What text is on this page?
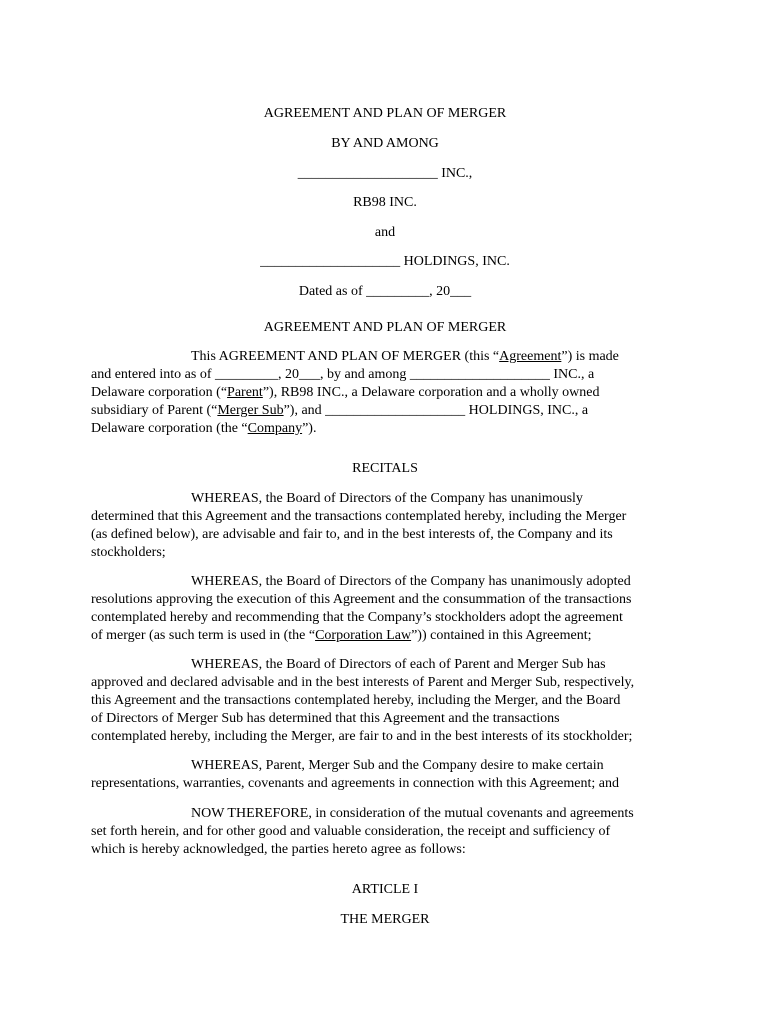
AGREEMENT AND PLAN OF MERGER
BY AND AMONG
____________________ INC.,
RB98 INC.
and
____________________ HOLDINGS, INC.
Dated as of _________, 20___
AGREEMENT AND PLAN OF MERGER
This AGREEMENT AND PLAN OF MERGER (this “Agreement”) is made
and entered into as of _________, 20___, by and among ____________________ INC., a
Delaware corporation (“Parent”), RB98 INC., a Delaware corporation and a wholly owned
subsidiary of Parent (“Merger Sub”), and ____________________ HOLDINGS, INC., a
Delaware corporation (the “Company”).
RECITALS
WHEREAS, the Board of Directors of the Company has unanimously
determined that this Agreement and the transactions contemplated hereby, including the Merger
(as defined below), are advisable and fair to, and in the best interests of, the Company and its
stockholders;
WHEREAS, the Board of Directors of the Company has unanimously adopted
resolutions approving the execution of this Agreement and the consummation of the transactions
contemplated hereby and recommending that the Company’s stockholders adopt the agreement
of merger (as such term is used in (the “Corporation Law”)) contained in this Agreement;
WHEREAS, the Board of Directors of each of Parent and Merger Sub has
approved and declared advisable and in the best interests of Parent and Merger Sub, respectively,
this Agreement and the transactions contemplated hereby, including the Merger, and the Board
of Directors of Merger Sub has determined that this Agreement and the transactions
contemplated hereby, including the Merger, are fair to and in the best interests of its stockholder;
WHEREAS, Parent, Merger Sub and the Company desire to make certain
representations, warranties, covenants and agreements in connection with this Agreement; and
NOW THEREFORE, in consideration of the mutual covenants and agreements
set forth herein, and for other good and valuable consideration, the receipt and sufficiency of
which is hereby acknowledged, the parties hereto agree as follows:
ARTICLE I
THE MERGER
